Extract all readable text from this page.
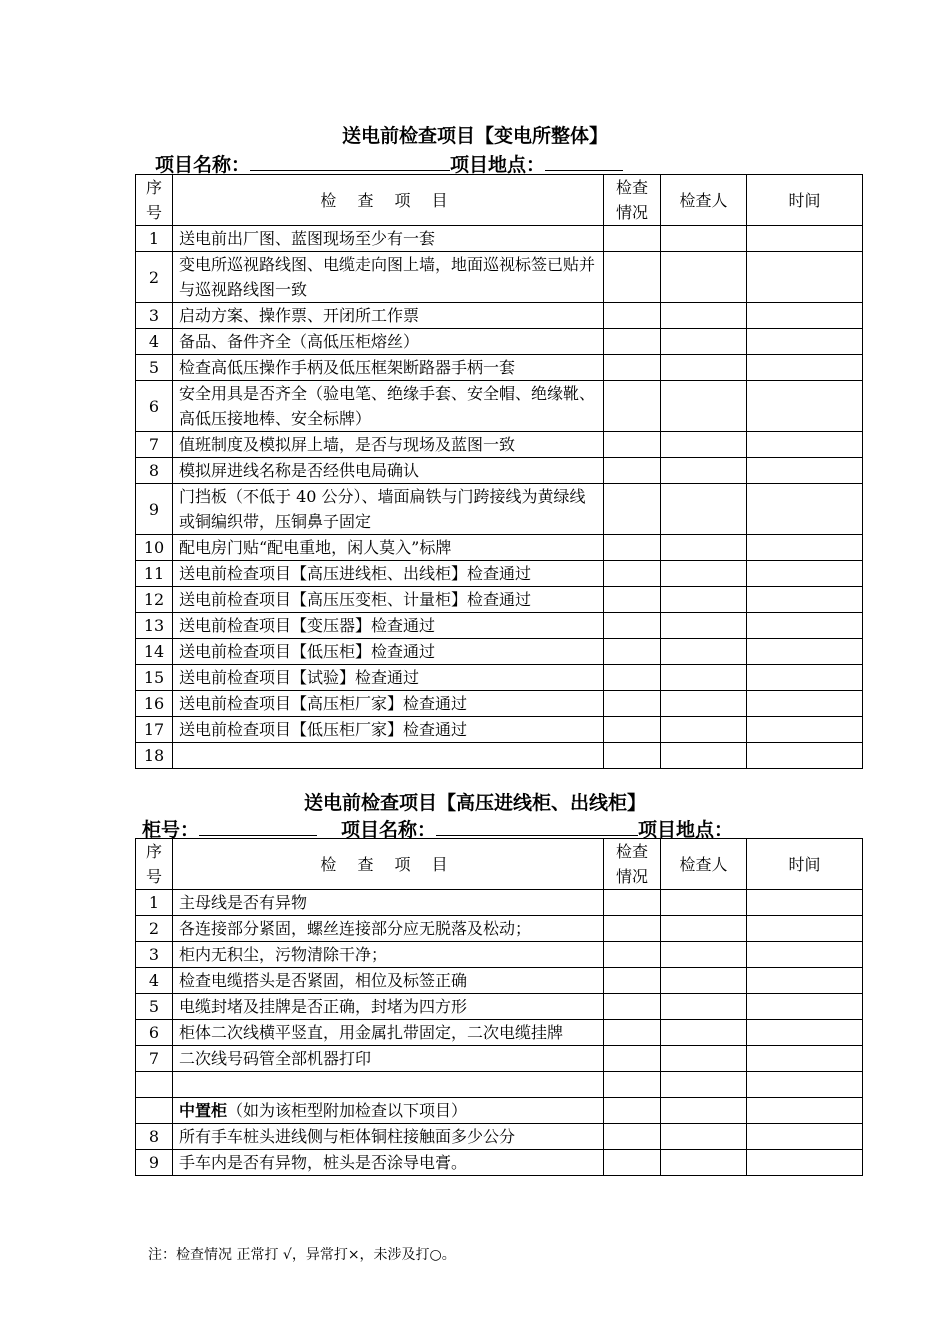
送电前检查项目【变电所整体】
项目名称：	项目地点：
序号	检 查 项 目	检查情况	检查人	时间
1	送电前出厂图、蓝图现场至少有一套			
2	变电所巡视路线图、电缆走向图上墙，地面巡视标签已贴并与巡视路线图一致			
3	启动方案、操作票、开闭所工作票			
4	备品、备件齐全（高低压柜熔丝）			
5	检查高低压操作手柄及低压框架断路器手柄一套			
6	安全用具是否齐全（验电笔、绝缘手套、安全帽、绝缘靴、高低压接地棒、安全标牌）			
7	值班制度及模拟屏上墙，是否与现场及蓝图一致			
8	模拟屏进线名称是否经供电局确认			
9	门挡板（不低于 40 公分）、墙面扁铁与门跨接线为黄绿线或铜编织带，压铜鼻子固定			
10	配电房门贴“配电重地，闲人莫入”标牌			
11	送电前检查项目【高压进线柜、出线柜】检查通过			
12	送电前检查项目【高压压变柜、计量柜】检查通过			
13	送电前检查项目【变压器】检查通过			
14	送电前检查项目【低压柜】检查通过			
15	送电前检查项目【试验】检查通过			
16	送电前检查项目【高压柜厂家】检查通过			
17	送电前检查项目【低压柜厂家】检查通过			
18				
送电前检查项目【高压进线柜、出线柜】
柜号：	项目名称：	项目地点：
序号	检 查 项 目	检查情况	检查人	时间
1	主母线是否有异物			
2	各连接部分紧固，螺丝连接部分应无脱落及松动；			
3	柜内无积尘，污物清除干净；			
4	检查电缆搭头是否紧固，相位及标签正确			
5	电缆封堵及挂牌是否正确，封堵为四方形			
6	柜体二次线横平竖直，用金属扎带固定，二次电缆挂牌			
7	二次线号码管全部机器打印			

	中置柜（如为该柜型附加检查以下项目）			
8	所有手车桩头进线侧与柜体铜柱接触面多少公分			
9	手车内是否有异物，桩头是否涂导电膏。			
注：检查情况 正常打 √，异常打×，未涉及打○。
